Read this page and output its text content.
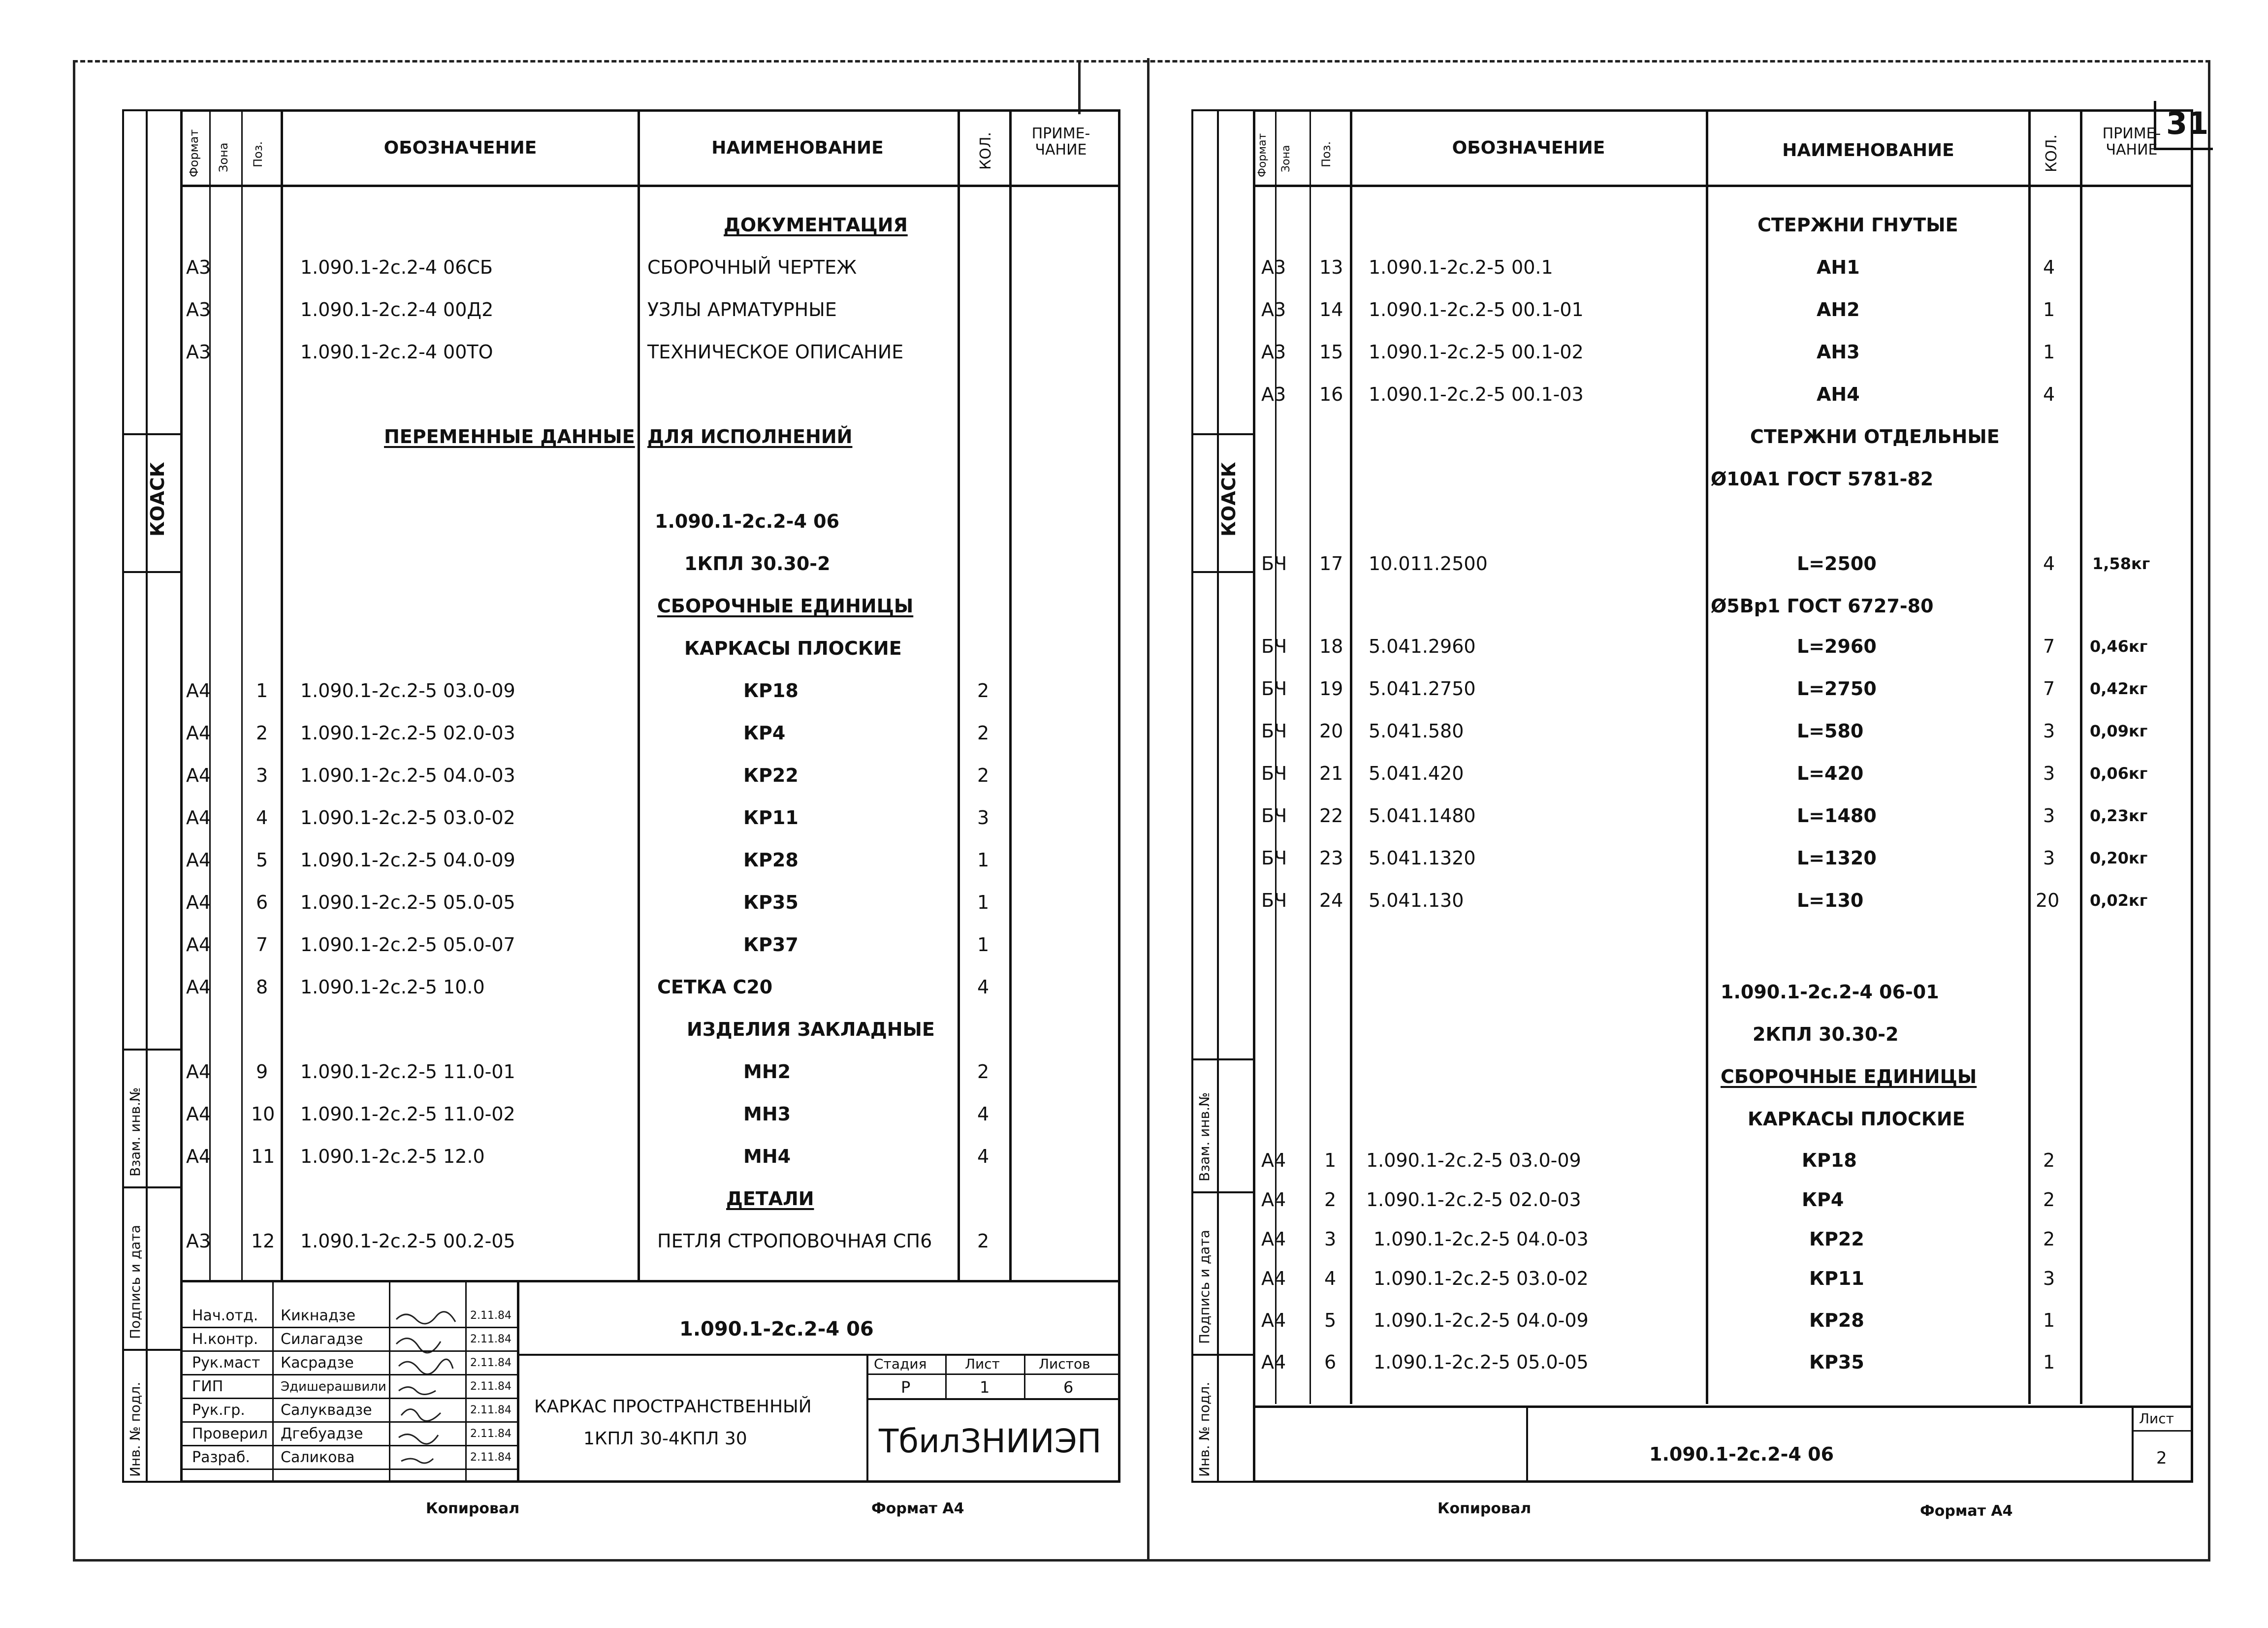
КОАСК
Взам. инв.№
Подпись и дата
Инв. № подл.
Формат Зона Поз.	ОБОЗНАЧЕНИЕ	НАИМЕНОВАНИЕ	КОЛ.	ПРИМЕ-ЧАНИЕ
ДОКУМЕНТАЦИЯ
А3	1.090.1-2с.2-4 06СБ	СБОРОЧНЫЙ ЧЕРТЕЖ
А3	1.090.1-2с.2-4 00Д2	УЗЛЫ АРМАТУРНЫЕ
А3	1.090.1-2с.2-4 00ТО	ТЕХНИЧЕСКОЕ ОПИСАНИЕ
ПЕРЕМЕННЫЕ ДАННЫЕ ДЛЯ ИСПОЛНЕНИЙ
1.090.1-2с.2-4 06
1КПЛ 30.30-2
СБОРОЧНЫЕ ЕДИНИЦЫ
КАРКАСЫ ПЛОСКИЕ
А4 1 1.090.1-2с.2-5 03.0-09	КР18	2
А4 2 1.090.1-2с.2-5 02.0-03	КР4	2
А4 3 1.090.1-2с.2-5 04.0-03	КР22	2
А4 4 1.090.1-2с.2-5 03.0-02	КР11	3
А4 5 1.090.1-2с.2-5 04.0-09	КР28	1
А4 6 1.090.1-2с.2-5 05.0-05	КР35	1
А4 7 1.090.1-2с.2-5 05.0-07	КР37	1
А4 8 1.090.1-2с.2-5 10.0	СЕТКА С20	4
ИЗДЕЛИЯ ЗАКЛАДНЫЕ
А4 9 1.090.1-2с.2-5 11.0-01	МН2	2
А4 10 1.090.1-2с.2-5 11.0-02	МН3	4
А4 11 1.090.1-2с.2-5 12.0	МН4	4
ДЕТАЛИ
А3 12 1.090.1-2с.2-5 00.2-05	ПЕТЛЯ СТРОПОВОЧНАЯ СП6 2
1.090.1-2с.2-4 06
КАРКАС ПРОСТРАНСТВЕННЫЙ
1КПЛ 30-4КПЛ 30
Стадия	Лист	Листов
Р	1	6
ТбилЗНИИЭП
Нач.отд. Кикнадзе	2.11.84
Н.контр. Силагадзе	2.11.84
Рук.маст Касрадзе	2.11.84
ГИП	Эдишерашвили	2.11.84
Рук.гр. Салуквадзе	2.11.84
Проверил Дгебуадзе	2.11.84
Разраб. Саликова	2.11.84
Копировал	Формат А4
31
КОАСК
Взам. инв.№
Подпись и дата
Инв. № подл.
Формат Зона Поз.	ОБОЗНАЧЕНИЕ	НАИМЕНОВАНИЕ	КОЛ.
ПРИМЕ-ЧАНИЕ
СТЕРЖНИ ГНУТЫЕ
А3 13 1.090.1-2с.2-5 00.1	АН1	4
А3 14 1.090.1-2с.2-5 00.1-01	АН2	1
А3 15 1.090.1-2с.2-5 00.1-02	АН3	1
А3 16 1.090.1-2с.2-5 00.1-03	АН4	4
СТЕРЖНИ ОТДЕЛЬНЫЕ
Ø10А1 ГОСТ 5781-82
БЧ 17 10.011.2500	L=2500	4 1,58кг
Ø5Вр1 ГОСТ 6727-80
БЧ 18 5.041.2960	L=2960	7 0,46кг
БЧ 19 5.041.2750	L=2750	7 0,42кг
БЧ 20 5.041.580	L=580	3 0,09кг
БЧ 21 5.041.420	L=420	3 0,06кг
БЧ 22 5.041.1480	L=1480	3 0,23кг
БЧ 23 5.041.1320	L=1320	3 0,20кг
БЧ 24 5.041.130	L=130	20 0,02кг
1.090.1-2с.2-4 06-01
2КПЛ 30.30-2
СБОРОЧНЫЕ ЕДИНИЦЫ
КАРКАСЫ ПЛОСКИЕ
А4 1 1.090.1-2с.2-5 03.0-09	КР18	2
А4 2 1.090.1-2с.2-5 02.0-03	КР4	2
А4 3 1.090.1-2с.2-5 04.0-03	КР22	2
А4 4 1.090.1-2с.2-5 03.0-02	КР11	3
А4 5 1.090.1-2с.2-5 04.0-09	КР28	1
А4 6 1.090.1-2с.2-5 05.0-05	КР35	1
1.090.1-2с.2-4 06
Лист
2
Копировал	Формат А4
